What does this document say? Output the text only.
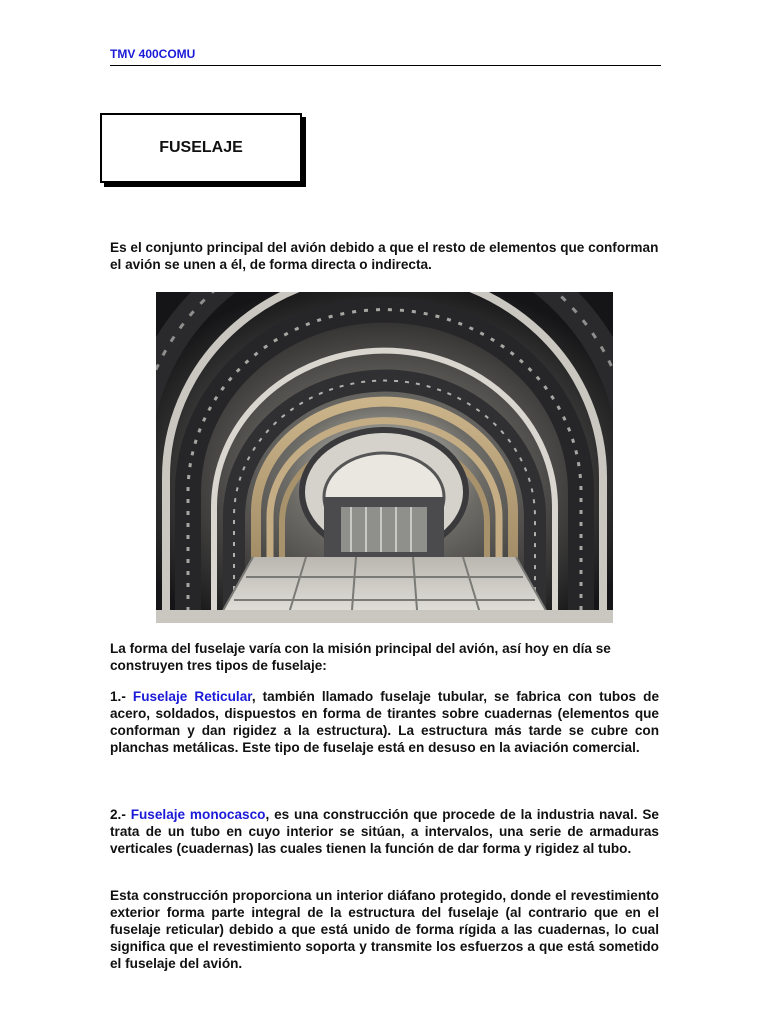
TMV 400COMU
FUSELAJE

Es el conjunto principal del avión debido a que el resto de elementos que conforman el avión se unen a él, de forma directa o indirecta.

La forma del fuselaje varía con la misión principal del avión, así hoy en día se construyen tres tipos de fuselaje:

1.- Fuselaje Reticular, también llamado fuselaje tubular, se fabrica con tubos de acero, soldados, dispuestos en forma de tirantes sobre cuadernas (elementos que conforman y dan rigidez a la estructura). La estructura más tarde se cubre con planchas metálicas. Este tipo de fuselaje está en desuso en la aviación comercial.

2.- Fuselaje monocasco, es una construcción que procede de la industria naval. Se trata de un tubo en cuyo interior se sitúan, a intervalos, una serie de armaduras verticales (cuadernas) las cuales tienen la función de dar forma y rigidez al tubo.

Esta construcción proporciona un interior diáfano protegido, donde el revestimiento exterior forma parte integral de la estructura del fuselaje (al contrario que en el fuselaje reticular) debido a que está unido de forma rígida a las cuadernas, lo cual significa que el revestimiento soporta y transmite los esfuerzos a que está sometido el fuselaje del avión.
